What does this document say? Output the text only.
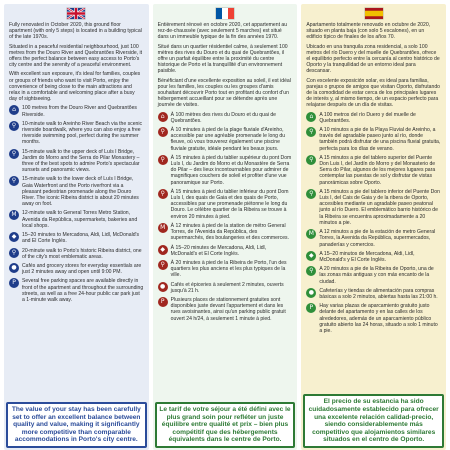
Fully renovated in October 2020, this ground floor apartment (with only 5 steps) is located in a building typical of the late 1970s.

Situated in a peaceful residential neighbourhood, just 100 metres from the Douro River and Quebrantões Riverside, it offers the perfect balance between easy access to Porto's city centre and the serenity of a peaceful environment.

With excellent sun exposure, it's ideal for families, couples or groups of friends who want to visit Porto, enjoy the convenience of being close to the main attractions and relax in a comfortable and welcoming place after a busy day of sightseeing.

⌂	100 metres from the Douro River and Quebrantões Riverside.
⚲	10-minute walk to Areinho River Beach via the scenic riverside boardwalk, where you can also enjoy a free riverside swimming pool, perfect during the summer months.
⚲	15-minute walk to the upper deck of Luís I Bridge, Jardim do Morro and the Serra do Pilar Monastery – three of the best spots to admire Porto's spectacular sunsets and panoramic views.
⚲	15-minute walk to the lower deck of Luís I Bridge, Gaia Waterfront and the Porto riverfront via a pleasant pedestrian promenade along the Douro River. The iconic Ribeira district is about 20 minutes away on foot.
M	12-minute walk to General Torres Metro Station, Avenida da República, supermarkets, bakeries and local shops.
◆	15–20 minutes to Mercadona, Aldi, Lidl, McDonald's and El Corte Inglés.
⚲	20-minute walk to Porto's historic Ribeira district, one of the city's most emblematic areas.
●	Cafés and grocery stores for everyday essentials are just 2 minutes away and open until 9:00 PM.
P	Several free parking spaces are available directly in front of the apartment and throughout the surrounding streets, as well as a free 24-hour public car park just a 1-minute walk away.
The value of your stay has been carefully set to offer an excellent balance between quality and value, making it significantly more competitive than comparable accommodations in Porto's city centre.

Entièrement rénové en octobre 2020, cet appartement au rez-de-chaussée (avec seulement 5 marches) est situé dans un immeuble typique de la fin des années 1970.

Situé dans un quartier résidentiel calme, à seulement 100 mètres des rives du Douro et du quai de Quebrantões, il offre un parfait équilibre entre la proximité du centre historique de Porto et la tranquillité d'un environnement paisible.

Bénéficiant d'une excellente exposition au soleil, il est idéal pour les familles, les couples ou les groupes d'amis souhaitant découvrir Porto tout en profitant du confort d'un hébergement accueillant pour se détendre après une journée de visites.

⌂	À 100 mètres des rives du Douro et du quai de Quebrantões.
⚲	À 10 minutes à pied de la plage fluviale d'Areinho, accessible par une agréable promenade le long du fleuve, où vous trouverez également une piscine fluviale gratuite, idéale pendant les beaux jours.
⚲	À 15 minutes à pied du tablier supérieur du pont Dom Luís I, du Jardim do Morro et du Monastère de Serra do Pilar – des lieux incontournables pour admirer de magnifiques couchers de soleil et profiter d'une vue panoramique sur Porto.
⚲	À 15 minutes à pied du tablier inférieur du pont Dom Luís I, des quais de Gaia et des quais de Porto, accessibles par une promenade piétonne le long du Douro. Le célèbre quartier de la Ribeira se trouve à environ 20 minutes à pied.
M	À 12 minutes à pied de la station de métro General Torres, de l'Avenida da República, des supermarchés, des boulangeries et des commerces.
◆	À 15–20 minutes de Mercadona, Aldi, Lidl, McDonald's et El Corte Inglés.
⚲	À 20 minutes à pied de la Ribeira de Porto, l'un des quartiers les plus anciens et les plus typiques de la ville.
●	Cafés et épiceries à seulement 2 minutes, ouverts jusqu'à 21 h.
P	Plusieurs places de stationnement gratuites sont disponibles juste devant l'appartement et dans les rues avoisinantes, ainsi qu'un parking public gratuit ouvert 24 h/24, à seulement 1 minute à pied.
Le tarif de votre séjour a été défini avec le plus grand soin pour refléter un juste équilibre entre qualité et prix – bien plus compétitif que des hébergements équivalents dans le centre de Porto.

Apartamento totalmente renovado en octubre de 2020, situado en planta baja (con solo 5 escalones), en un edificio típico de finales de los años 70.

Ubicado en una tranquila zona residencial, a solo 100 metros del río Duero y del muelle de Quebrantões, ofrece el equilibrio perfecto entre la cercanía al centro histórico de Oporto y la tranquilidad de un entorno ideal para descansar.

Con excelente exposición solar, es ideal para familias, parejas o grupos de amigos que visitan Oporto, disfrutando de la comodidad de estar cerca de los principales lugares de interés y, al mismo tiempo, de un espacio perfecto para relajarse después de un día de visitas.

⌂	A 100 metros del río Duero y del muelle de Quebrantões.
⚲	A 10 minutos a pie de la Playa Fluvial de Areinho, a través del agradable paseo junto al río, donde también podrá disfrutar de una piscina fluvial gratuita, perfecta para los días de verano.
⚲	A 15 minutos a pie del tablero superior del Puente Don Luis I, del Jardín do Morro y del Monasterio de Serra do Pilar, algunos de los mejores lugares para contemplar las puestas de sol y disfrutar de vistas panorámicas sobre Oporto.
⚲	A 15 minutos a pie del tablero inferior del Puente Don Luis I, del Cais de Gaia y de la ribera de Oporto, accesibles mediante un agradable paseo peatonal junto al río Duero. El emblemático barrio histórico de la Ribeira se encuentra aproximadamente a 20 minutos a pie.
M	A 12 minutos a pie de la estación de metro General Torres, la Avenida da República, supermercados, panaderías y comercios.
◆	A 15–20 minutos de Mercadona, Aldi, Lidl, McDonald's y El Corte Inglés.
⚲	A 20 minutos a pie de la Ribeira de Oporto, una de las zonas más antiguas y con más encanto de la ciudad.
●	Cafeterías y tiendas de alimentación para compras básicas a solo 2 minutos, abiertas hasta las 21:00 h.
P	Hay varias plazas de aparcamiento gratuito justo delante del apartamento y en las calles de los alrededores, además de un aparcamiento público gratuito abierto las 24 horas, situado a solo 1 minuto a pie.
El precio de su estancia ha sido cuidadosamente establecido para ofrecer una excelente relación calidad-precio, siendo considerablemente más competitivo que alojamientos similares situados en el centro de Oporto.
